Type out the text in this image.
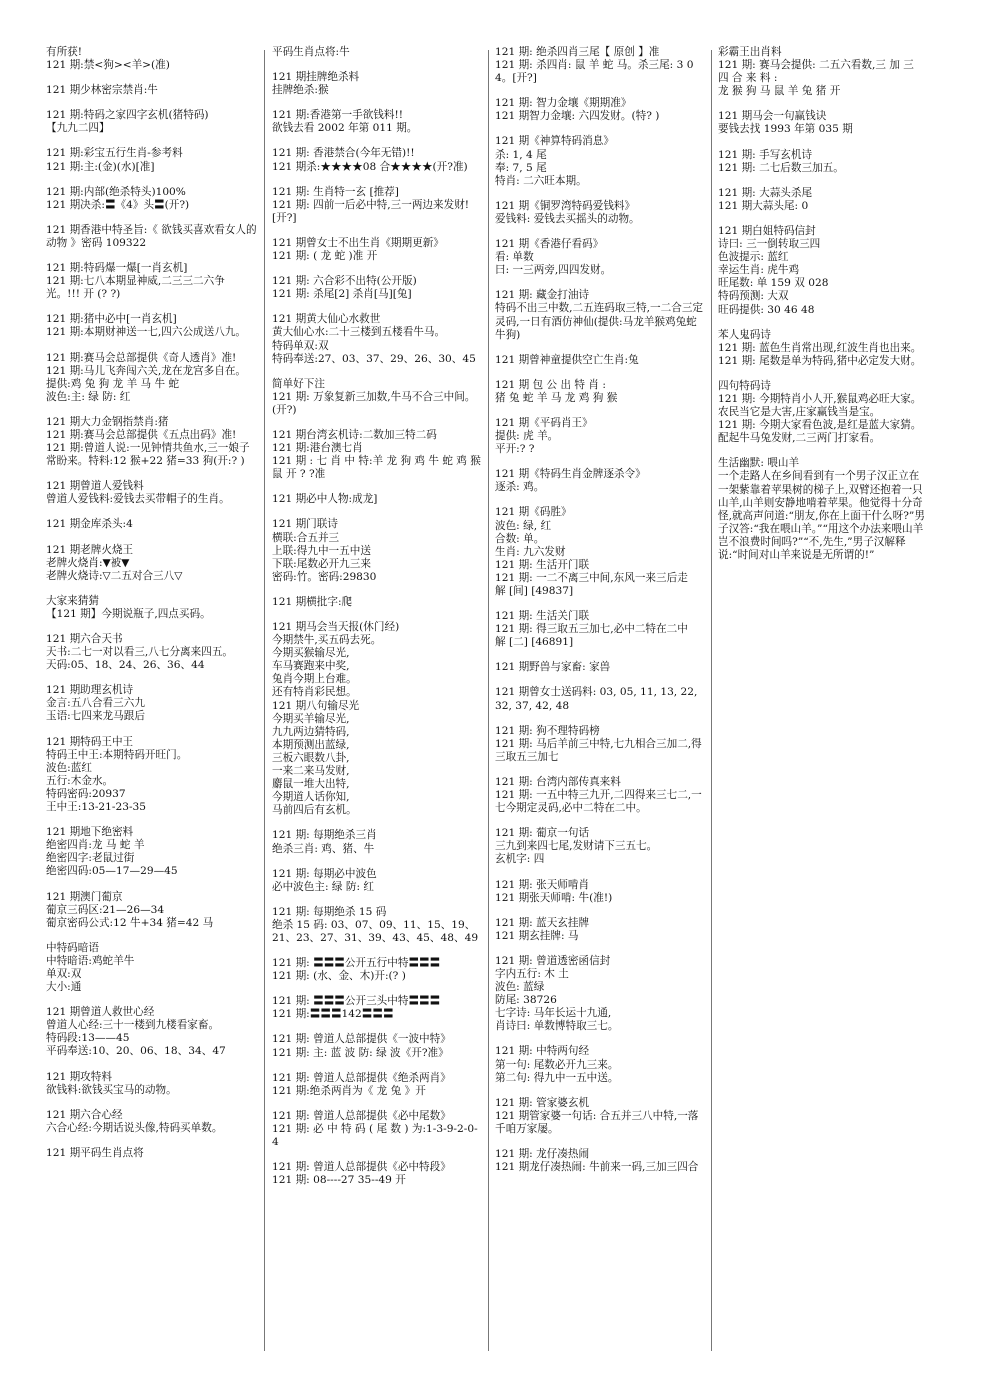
有所获!
121 期:禁<狗><羊>(准)
121 期少林密宗禁肖:牛
121 期:特码之家四字玄机(猪特码)
【九九二四】
121 期:彩宝五行生肖-参考料
121 期:主:(金)(水)[准]
121 期:内部(绝杀特头)100%
121 期决杀:〓《4》头〓(开?)
121 期香港中特圣旨:《 欲钱买喜欢看女人的动物 》密码 109322
121 期:特码爆一爆[一肖玄机]
121 期:七八本期显神威,二三三二六争光。!!! 开 (? ?)
121 期:猪中必中[一肖玄机]
121 期:本期财神送一七,四六公成送八九。
121 期:赛马会总部提供《奇人透肖》准!
121 期:马儿飞奔闯六关,龙在龙宫多自在。
提供:鸡 兔 狗 龙 羊 马 牛 蛇
波色:主: 绿 防: 红
121 期大力金钢指禁肖:猪
121 期:赛马会总部提供《五点出码》准!
121 期:曾道人说:一见钟情共鱼水,三一娘子常盼来。特料:12 猴+22 猪=33 狗(开:? )
121 期曾道人爱钱料
曾道人爱钱料:爱钱去买带帽子的生肖。
121 期金库杀头:4
121 期老牌火烧王
老牌火烧肖:▼被▼
老牌火烧诗:▽二五对合三八▽
大家来猜猜
【121 期】今期说瓶子,四点买码。
121 期六合天书
天书:二七一对以看三,八七分离来四五。
天码:05、18、24、26、36、44
121 期助理玄机诗
金言:五八合看三六九
玉语:七四来龙马跟后
121 期特码王中王
特码王中王:本期特码开旺门。
波色:蓝红
五行:木金水。
特码密码:20937
王中王:13-21-23-35
121 期地下绝密料
绝密四肖:龙 马 蛇 羊
绝密四字:老鼠过街
绝密四码:05—17—29—45
121 期澳门葡京
葡京三码区:21—26—34
葡京密码公式:12 牛+34 猪=42 马
中特码暗语
中特暗语:鸡蛇羊牛
单双:双
大小:通
121 期曾道人救世心经
曾道人心经:三十一楼到九楼看家畜。
特码段:13——45
平码奉送:10、20、06、18、34、47
121 期攻特料
欲钱料:欲钱买宝马的动物。
121 期六合心经
六合心经:今期话说头像,特码买单数。
121 期平码生肖点将
平码生肖点将:牛
121 期挂牌绝杀料
挂牌绝杀:猴
121 期:香港第一手欲钱料!!
欲钱去看 2002 年第 011 期。
121 期: 香港禁合(今年无错)!!
121 期杀:★★★★08 合★★★★(开?准)
121 期: 生肖特一玄 [推荐]
121 期: 四前一后必中特,三一两边来发财![开?]
121 期曾女士不出生肖《期期更新》
121 期: ( 龙 蛇 )准 开
121 期: 六合彩不出特(公开版)
121 期: 杀尾[2] 杀肖[马][兔]
121 期黄大仙心水救世
黄大仙心水:二十三楼到五楼看牛马。
特码单双:双
特码奉送:27、03、37、29、26、30、45
简单好下注
121 期: 万象复新三加数,牛马不合三中间。(开?)
121 期台湾玄机诗:二数加三特二码
121 期:港台澳七肖
121 期 : 七 肖 中 特:羊 龙 狗 鸡 牛 蛇 鸡 猴 鼠 开 ? ?准
121 期必中人物:成龙]
121 期门联诗
横联:合五并三
上联:得九中一五中送
下联:尾数必开九三来
密码:竹。密码:29830
121 期横批字:爬
121 期马会当天报(休门经)
今期禁牛,买五码去死。
今期买猴输尽光,
车马赛跑来中奖,
兔肖今期上台难。
还有特肖彩民想。
121 期八句输尽光
今期买羊输尽光,
九九两边猜特码,
本期预测出蓝绿,
三板六眼数八卦,
一来二来马发财,
麝鼠一堆大出特,
今期道人话你知,
马前四后有玄机。
121 期: 每期绝杀三肖
绝杀三肖: 鸡、猪、牛
121 期: 每期必中波色
必中波色主: 绿 防: 红
121 期: 每期绝杀 15 码
绝杀 15 码: 03、07、09、11、15、19、21、23、27、31、39、43、45、48、49
121 期: 〓〓〓公开五行中特〓〓〓
121 期: (水、金、木)开:(? )
121 期: 〓〓〓公开三头中特〓〓〓
121 期:〓〓〓142〓〓〓
121 期: 曾道人总部提供《一波中特》
121 期: 主: 蓝 波 防: 绿 波《开?准》
121 期: 曾道人总部提供《绝杀两肖》
121 期:绝杀两肖为《 龙 兔 》开
121 期: 曾道人总部提供《必中尾数》
121 期: 必 中 特 码 ( 尾 数 ) 为:1-3-9-2-0-4
121 期: 曾道人总部提供《必中特段》
121 期: 08----27 35--49 开
121 期: 绝杀四肖三尾【 原创 】准
121 期: 杀四肖: 鼠 羊 蛇 马。杀三尾: 3 0 4。[开?]
121 期: 智力金壤《期期准》
121 期智力金壤: 六四发财。(特? )
121 期《神算特码消息》
杀: 1, 4 尾
奉: 7, 5 尾
特肖: 二六旺本期。
121 期《铜罗湾特码爱钱料》
爱钱料: 爱钱去买摇头的动物。
121 期《香港仔看码》
看: 单数
曰: 一三两旁,四四发财。
121 期: 藏金打油诗
特码不出三中数,二五连码取三特,一二合三定灵码,一日有酒仿神仙(提供:马龙羊猴鸡兔蛇牛狗)
121 期曾神童提供空亡生肖:兔
121 期 包 公 出 特 肖 :
猪 兔 蛇 羊 马 龙 鸡 狗 猴
121 期《平码肖王》
提供: 虎 羊。
平开:? ?
121 期《特码生肖金牌逐杀令》
逐杀: 鸡。
121 期《码胜》
波色: 绿, 红
合数: 单。
生肖: 九六发财
121 期: 生活开门联
121 期: 一二不离三中间,东风一来三后走
解 [间] [49837]
121 期: 生活关门联
121 期: 得三取五三加七,必中二特在二中
解 [二] [46891]
121 期野兽与家畜: 家兽
121 期曾女士送码料: 03, 05, 11, 13, 22, 32, 37, 42, 48
121 期: 狗不理特码榜
121 期: 马后羊前三中特,七九相合三加二,得三取五三加七
121 期: 台湾内部传真来料
121 期: 一五中特三九开,二四得来三七二,一七今期定灵码,必中二特在二中。
121 期: 葡京一句话
三九到来四七尾,发财请下三五七。
玄机字: 四
121 期: 张天师啃肖
121 期张天师啃: 牛(准!)
121 期: 蓝天玄挂牌
121 期玄挂牌: 马
121 期: 曾道透密函信封
字内五行: 木 土
波色: 蓝绿
防尾: 38726
七字诗: 马年长运十九通,
肖诗曰: 单数博特取三七。
121 期: 中特两句经
第一句: 尾数必开九三来。
第二句: 得九中一五中送。
121 期: 管家婆玄机
121 期管家婆一句话: 合五并三八中特,一落千咱万家屡。
121 期: 龙仔凑热闹
121 期龙仔凑热闹: 牛前来一码,三加三四合
彩霸王出肖料
121 期: 赛马会提供: 二五六看数,三 加 三 四 合 来 料 :
龙 猴 狗 马 鼠 羊 兔 猪 开
121 期马会一句赢钱诀
要钱去找 1993 年第 035 期
121 期: 手写玄机诗
121 期: 二七后数三加五。
121 期: 大蒜头杀尾
121 期大蒜头尾: 0
121 期白姐特码信封
诗曰: 三一倒转取三四
色波提示: 蓝红
幸运生肖: 虎牛鸡
旺尾数: 单 159 双 028
特码预测: 大双
旺码提供: 30 46 48
苯人鬼码诗
121 期: 蓝色生肖常出现,红波生肖也出来。
121 期: 尾数是单为特码,猪中必定发大财。
四句特码诗
121 期: 今期特肖小人开,猴鼠鸡必旺大家。农民当它是大害,庄家赢钱当是宝。
121 期: 今期大家看色波,是红是蓝大家猜。配起牛马兔发财,二三两门打家看。
生活幽默: 喂山羊
一个走路人在乡间看到有一个男子汉正立在一架紫靠着苹果树的梯子上,双臂还抱着一只山羊,山羊则安静地啃着苹果。他觉得十分奇怪,就高声问道:“朋友,你在上面干什么呀?”男子汉答:“我在喂山羊。”“用这个办法来喂山羊岂不浪费时间吗?”“不,先生,”男子汉解释说:“时间对山羊来说是无所谓的!”
